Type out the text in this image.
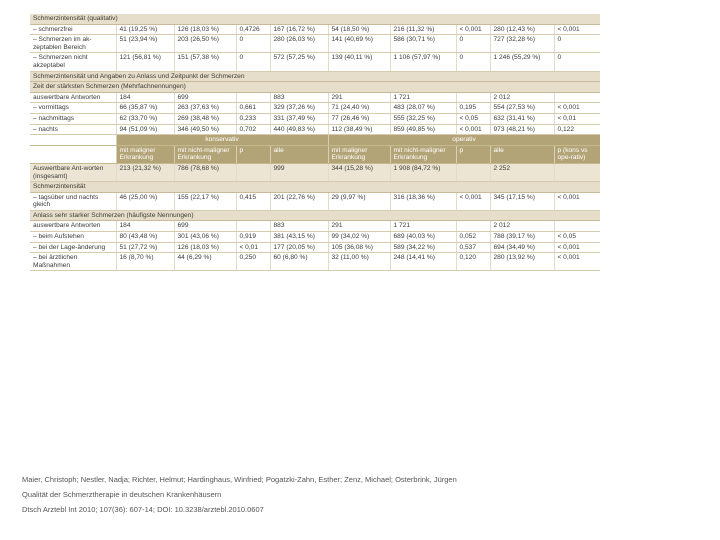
Schmerzintensität (qualitativ)									
– schmerzfrei	41 (19,25 %)	126 (18,03 %)	0,4726	167 (16,72 %)	54 (18,50 %)	216 (11,32 %)	< 0,001	280 (12,43 %)	< 0,001
– Schmerzen im ak-zeptablen Bereich	51 (23,94 %)	203 (26,50 %)	0	280 (26,03 %)	141 (40,69 %)	586 (30,71 %)	0	727 (32,28 %)	0
– Schmerzen nicht akzeptabel	121 (56,81 %)	151 (57,38 %)	0	572 (57,25 %)	139 (40,11 %)	1 106 (57,97 %)	0	1 246 (55,29 %)	0
Schmerzintensität und Angaben zu Anlass und Zeitpunkt der Schmerzen									
Zeit der stärksten Schmerzen (Mehrfachnennungen)									
auswertbare Antworten	184	699		883	291	1 721		2 012	
– vormittags	66 (35,87 %)	263 (37,63 %)	0,661	329 (37,26 %)	71 (24,40 %)	483 (28,07 %)	0,195	554 (27,53 %)	< 0,001
– nachmittags	62 (33,70 %)	269 (38,48 %)	0,233	331 (37,49 %)	77 (26,46 %)	555 (32,25 %)	< 0,05	632 (31,41 %)	< 0,01
– nachts	94 (51,09 %)	346 (49,50 %)	0,702	440 (49,83 %)	112 (38,49 %)	859 (49,85 %)	< 0,001	973 (48,21 %)	0,122
	konservativ				operativ				
	mit maligner Erkrankung	mit nicht-maligner Erkrankung	p	alle	mit maligner Erkrankung	mit nicht-maligner Erkrankung	p	alle	p (kons vs ope-rativ)
Auswertbare Ant-worten (insgesamt)	213 (21,32 %)	786 (78,68 %)		999	344 (15,28 %)	1 908 (84,72 %)		2 252	
Schmerzintensität									
– tagsüber und nachts gleich	46 (25,00 %)	155 (22,17 %)	0,415	201 (22,76 %)	29 (9,97 %)	316 (18,36 %)	< 0,001	345 (17,15 %)	< 0,001
Anlass sehr starker Schmerzen (häufigste Nennungen)									
auswertbare Antworten	184	699		883	291	1 721		2 012	
– beim Aufstehen	80 (43,48 %)	301 (43,06 %)	0,919	381 (43,15 %)	99 (34,02 %)	689 (40,03 %)	0,052	788 (39,17 %)	< 0,05
– bei der Lage-änderung	51 (27,72 %)	126 (18,03 %)	< 0,01	177 (20,05 %)	105 (36,08 %)	589 (34,22 %)	0,537	694 (34,49 %)	< 0,001
– bei ärztlichen Maßnahmen	16 (8,70 %)	44 (6,29 %)	0,250	60 (6,80 %)	32 (11,00 %)	248 (14,41 %)	0,120	280 (13,92 %)	< 0,001
Maier, Christoph; Nestler, Nadja; Richter, Helmut; Hardinghaus, Winfried; Pogatzki-Zahn, Esther; Zenz, Michael; Osterbrink, Jürgen
Qualität der Schmerztherapie in deutschen Krankenhäusern
Dtsch Arztebl Int 2010; 107(36): 607-14; DOI: 10.3238/arztebl.2010.0607
